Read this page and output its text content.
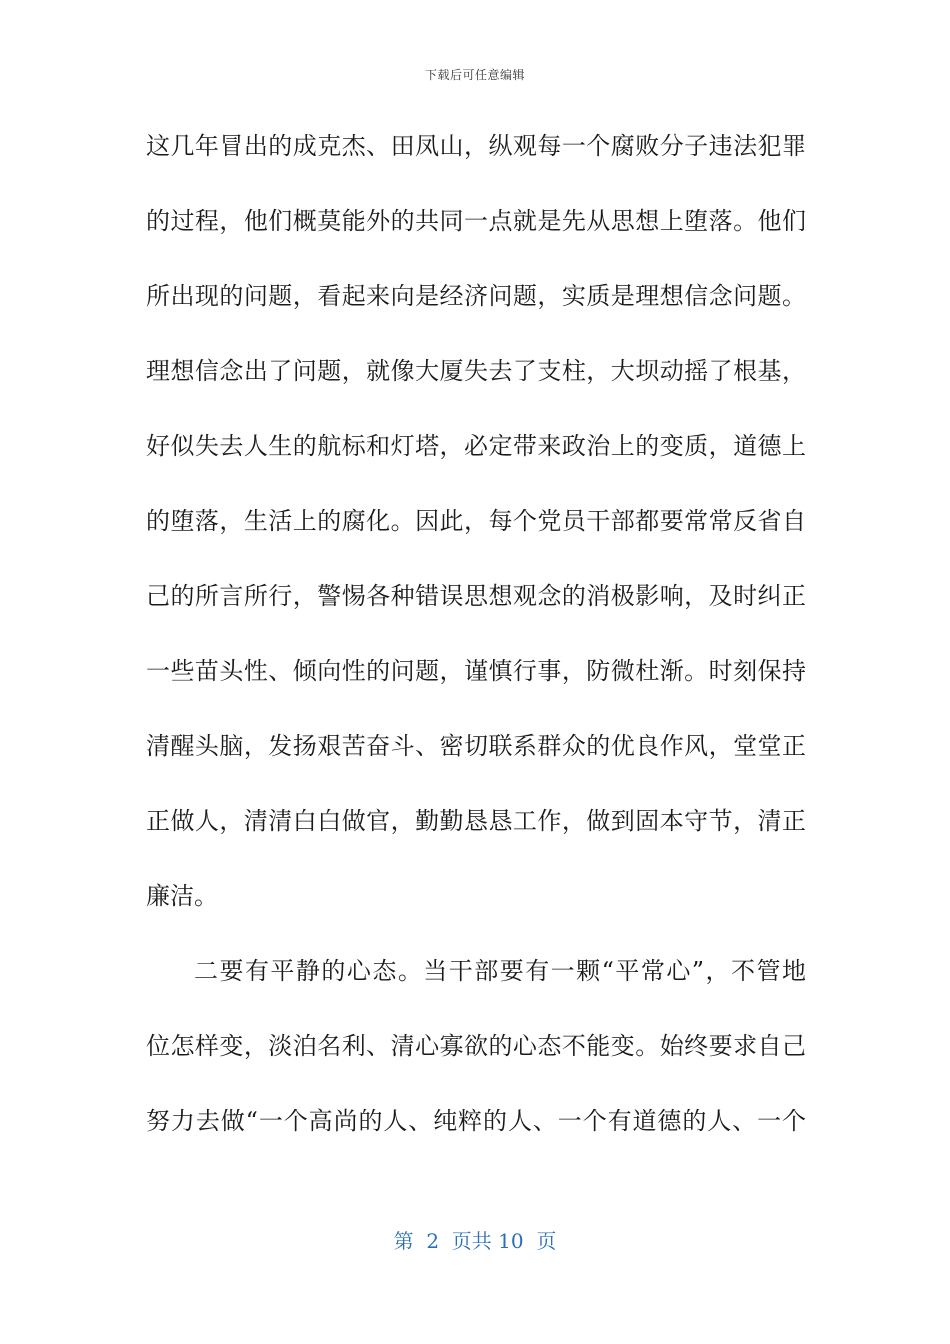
下载后可任意编辑
这几年冒出的成克杰、田凤山，纵观每一个腐败分子违法犯罪
的过程，他们概莫能外的共同一点就是先从思想上堕落。他们
所出现的问题，看起来向是经济问题，实质是理想信念问题。
理想信念出了问题，就像大厦失去了支柱，大坝动摇了根基，
好似失去人生的航标和灯塔，必定带来政治上的变质，道德上
的堕落，生活上的腐化。因此，每个党员干部都要常常反省自
己的所言所行，警惕各种错误思想观念的消极影响，及时纠正
一些苗头性、倾向性的问题，谨慎行事，防微杜渐。时刻保持
清醒头脑，发扬艰苦奋斗、密切联系群众的优良作风，堂堂正
正做人，清清白白做官，勤勤恳恳工作，做到固本守节，清正
廉洁。
二要有平静的心态。当干部要有一颗“平常心”，不管地
位怎样变，淡泊名利、清心寡欲的心态不能变。始终要求自己
努力去做“一个高尚的人、纯粹的人、一个有道德的人、一个
第  2  页共 10  页
